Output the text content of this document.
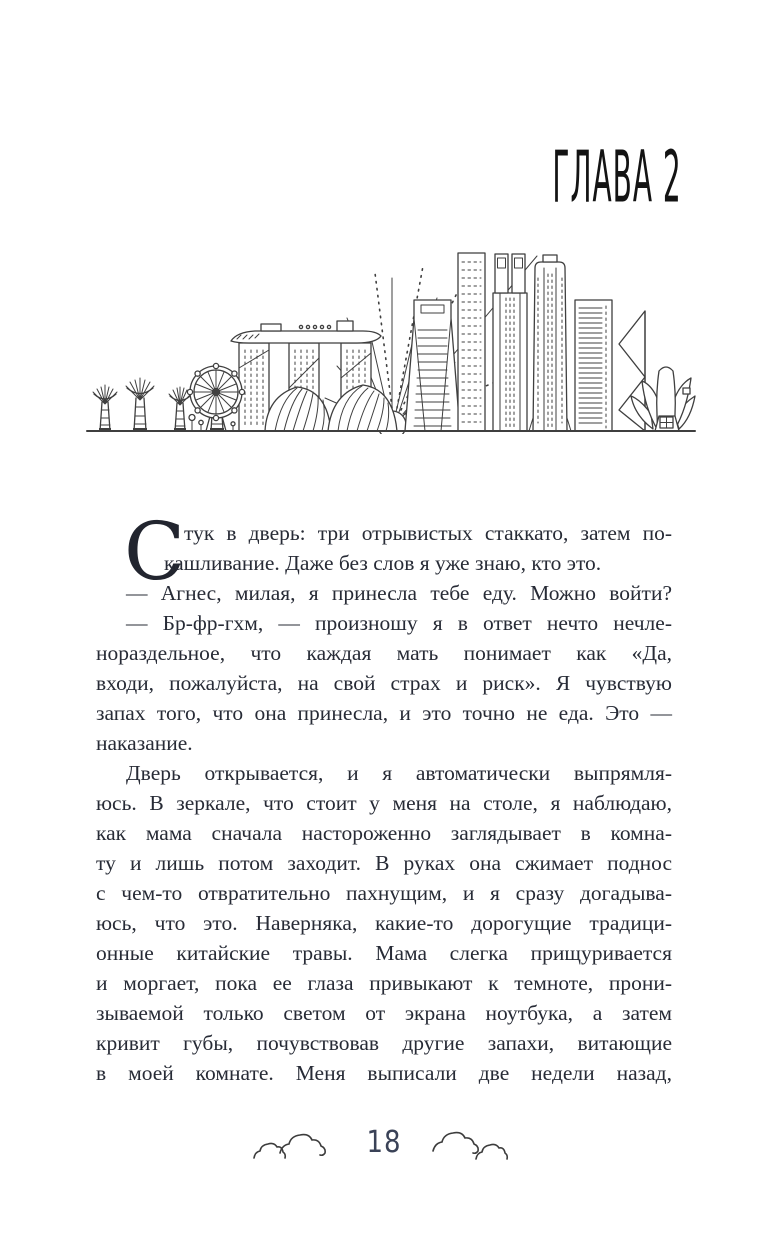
ГЛАВА 2
С
тук в дверь: три отрывистых стаккато, затем по-
кашливание. Даже без слов я уже знаю, кто это.
— Агнес, милая, я принесла тебе еду. Можно войти?
— Бр-фр-гхм, — произношу я в ответ нечто нечле-
нораздельное, что каждая мать понимает как «Да,
входи, пожалуйста, на свой страх и риск». Я чувствую
запах того, что она принесла, и это точно не еда. Это —
наказание.
Дверь открывается, и я автоматически выпрямля-
юсь. В зеркале, что стоит у меня на столе, я наблюдаю,
как мама сначала настороженно заглядывает в комна-
ту и лишь потом заходит. В руках она сжимает поднос
с чем-то отвратительно пахнущим, и я сразу догадыва-
юсь, что это. Наверняка, какие-то дорогущие традици-
онные китайские травы. Мама слегка прищуривается
и моргает, пока ее глаза привыкают к темноте, прони-
зываемой только светом от экрана ноутбука, а затем
кривит губы, почувствовав другие запахи, витающие
в моей комнате. Меня выписали две недели назад,
18
